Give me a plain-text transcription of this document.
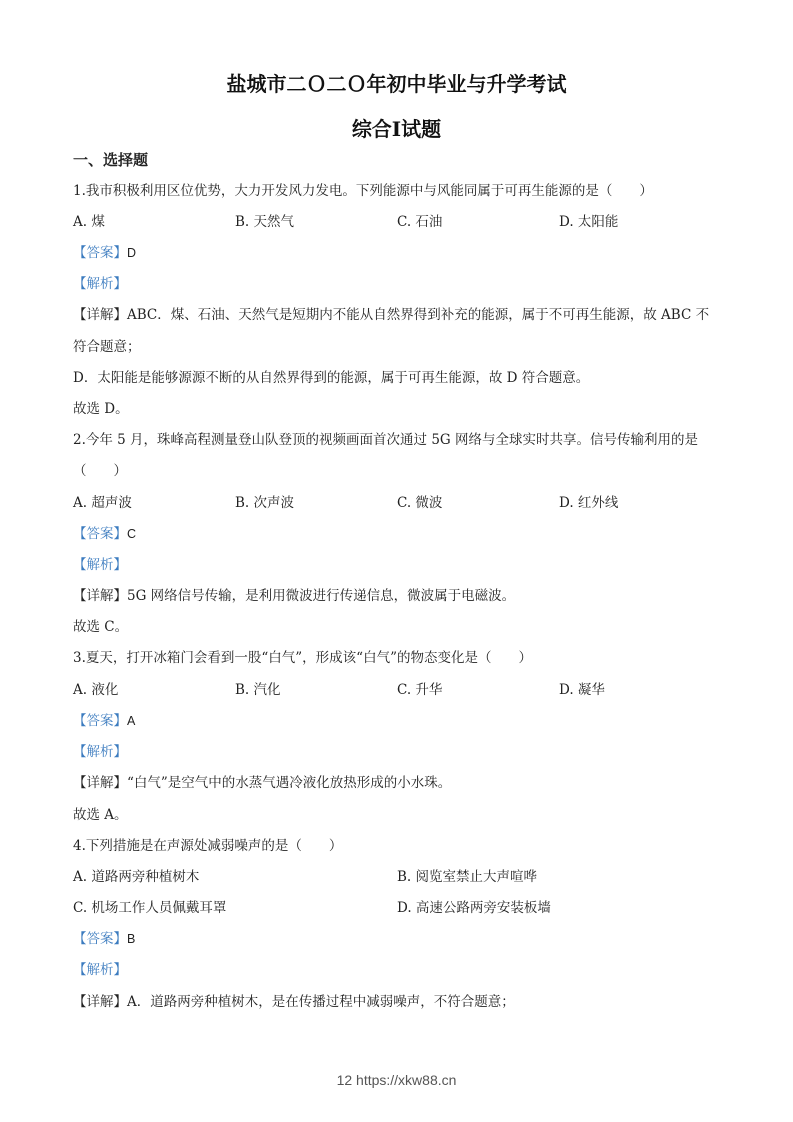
盐城市二Ｏ二Ｏ年初中毕业与升学考试
综合Ⅰ试题
一、选择题
1.我市积极利用区位优势，大力开发风力发电。下列能源中与风能同属于可再生能源的是（　　）
A. 煤	B. 天然气	C. 石油	D. 太阳能
【答案】D
【解析】
【详解】ABC．煤、石油、天然气是短期内不能从自然界得到补充的能源，属于不可再生能源，故 ABC 不
符合题意；
D．太阳能是能够源源不断的从自然界得到的能源，属于可再生能源，故 D 符合题意。
故选 D。
2.今年 5 月，珠峰高程测量登山队登顶的视频画面首次通过 5G 网络与全球实时共享。信号传输利用的是
（　　）
A. 超声波	B. 次声波	C. 微波	D. 红外线
【答案】C
【解析】
【详解】5G 网络信号传输，是利用微波进行传递信息，微波属于电磁波。
故选 C。
3.夏天，打开冰箱门会看到一股“白气”，形成该“白气”的物态变化是（　　）
A. 液化	B. 汽化	C. 升华	D. 凝华
【答案】A
【解析】
【详解】“白气”是空气中的水蒸气遇冷液化放热形成的小水珠。
故选 A。
4.下列措施是在声源处减弱噪声的是（　　）
A. 道路两旁种植树木	B. 阅览室禁止大声喧哗
C. 机场工作人员佩戴耳罩	D. 高速公路两旁安装板墙
【答案】B
【解析】
【详解】A．道路两旁种植树木，是在传播过程中减弱噪声，不符合题意；
12 https://xkw88.cn
